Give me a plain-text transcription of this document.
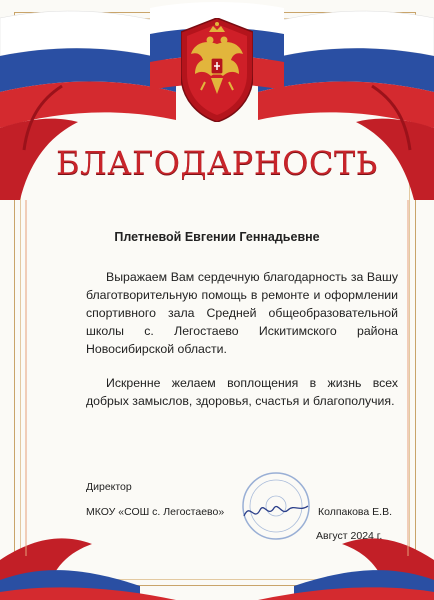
БЛАГОДАРНОСТЬ
Плетневой Евгении Геннадьевне
Выражаем Вам сердечную благодарность за Вашу благотворительную помощь в ремонте и оформлении спортивного зала Средней общеобразовательной школы с. Легостаево Искитимского района Новосибирской области.
Искренне желаем воплощения в жизнь всех добрых замыслов, здоровья, счастья и благополучия.
Директор
МКОУ «СОШ с. Легостаево»	Колпакова Е.В.
Август 2024 г.
